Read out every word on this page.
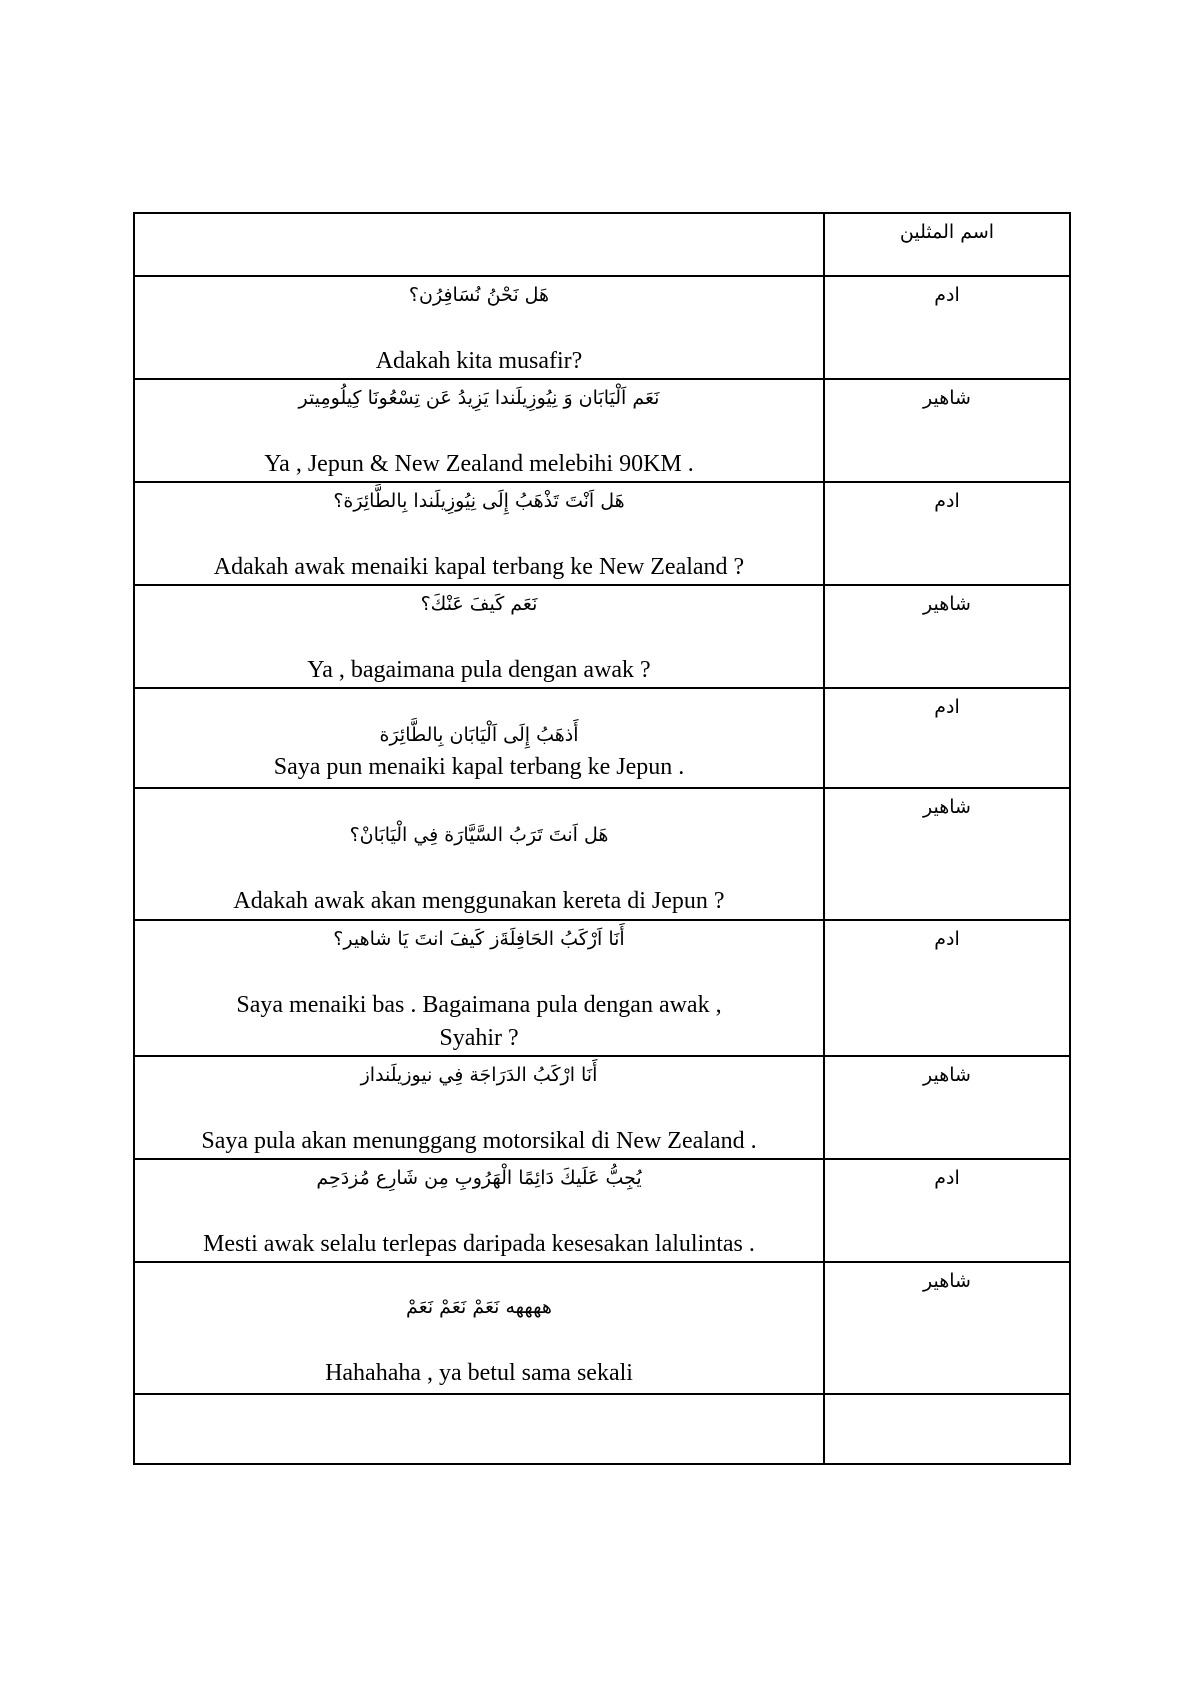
	اسم المثلين

هَل نَحْنُ نُسَافِرُن؟
Adakah kita musafir?	ادم

نَعَم اَلْيَابَان وَ نِيُوزِيلَندا يَزِيدُ عَن تِسْعُونَا كِيلُومِيتر
Ya , Jepun & New Zealand melebihi 90KM .	شاهير

هَل اَنْتَ تَذْهَبُ إِلَى نِيُوزِيلَندا بِالطَّائِرَة؟
Adakah awak menaiki kapal terbang ke New Zealand ?	ادم

نَعَم كَيفَ عَنْكَ؟
Ya , bagaimana pula dengan awak ?	شاهير

أَذهَبُ إِلَى اَلْيَابَان بِالطَّائِرَة
Saya pun menaiki kapal terbang ke Jepun .	ادم

هَل اَنتَ تَرَبُ السَّيَّارَة فِي الْيَابَانْ؟
Adakah awak akan menggunakan kereta di Jepun ?	شاهير

أَنَا اَرْكَبُ الحَافِلَةَز كَيفَ انتَ يَا شاهير؟
Saya menaiki bas . Bagaimana pula dengan awak , Syahir ?	ادم

أَنَا ارْكَبُ الدَرَاجَة فِي نيوزيلَنداز
Saya pula akan menunggang motorsikal di New Zealand .	شاهير

يُجِبُّ عَلَيكَ دَائِمًا الْهَرُوبِ مِن شَارِع مُزدَحِم
Mesti awak selalu terlepas daripada kesesakan lalulintas .	ادم

ههههه نَعَمْ نَعَمْ نَعَمْ
Hahahaha , ya betul sama sekali	شاهير
